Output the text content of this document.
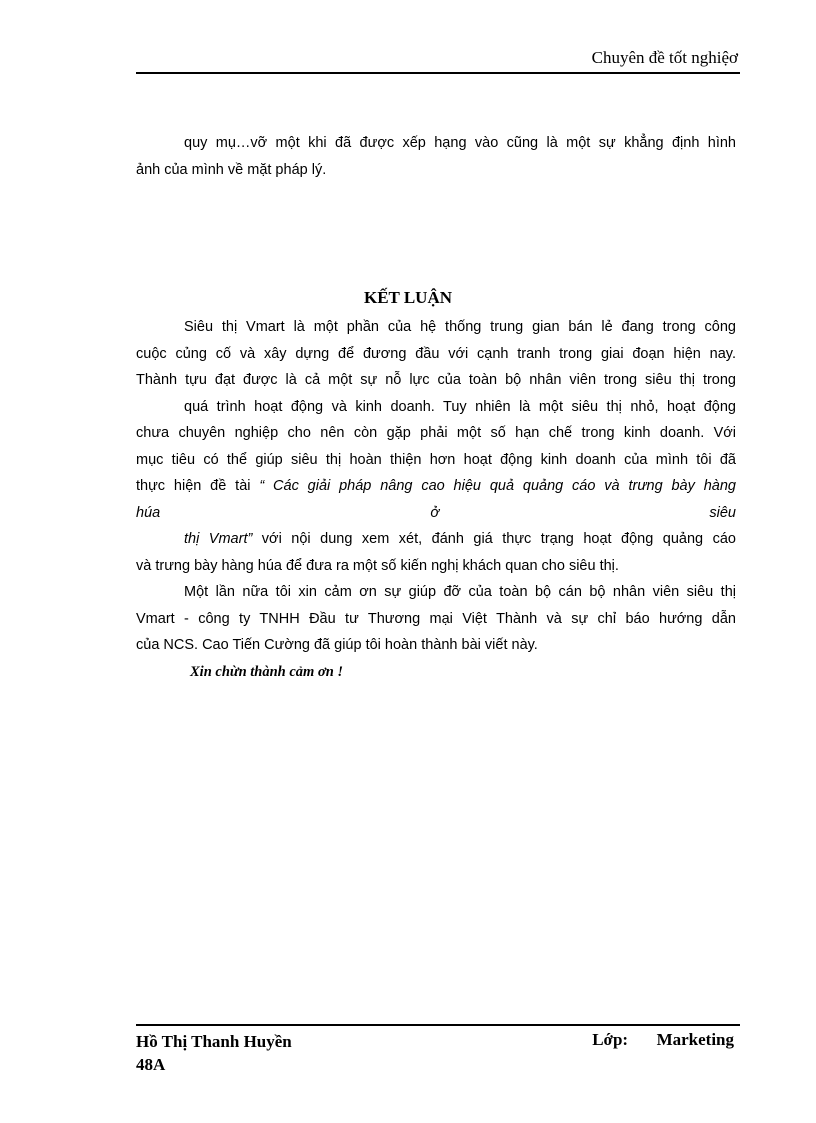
Chuyên đề tốt nghiệơ
quy mụ…vỡ một khi đã được xếp hạng vào cũng là một sự khẳng định hình
ảnh của mình về mặt pháp lý.
KẾT LUẬN
Siêu thị Vmart là một phần của hệ thống trung gian bán lẻ đang trong công
cuộc củng cố và xây dựng để đương đầu với cạnh tranh trong giai đoạn hiện nay.
Thành tựu đạt được là cả một sự nỗ lực của toàn bộ nhân viên trong siêu thị trong
quá trình hoạt động và kinh doanh. Tuy nhiên là một siêu thị nhỏ, hoạt động
chưa chuyên nghiệp cho nên còn gặp phải một số hạn chế trong kinh doanh. Với
mục tiêu có thể giúp siêu thị hoàn thiện hơn hoạt động kinh doanh của mình tôi đã
thực hiện đề tài “ Các giải pháp nâng cao hiệu quả quảng cáo và trưng bày hàng
húa	ở	siêu
thị Vmart” với nội dung xem xét, đánh giá thực trạng hoạt động quảng cáo
và trưng bày hàng húa để đưa ra một số kiến nghị khách quan cho siêu thị.
Một lần nữa tôi xin cảm ơn sự giúp đỡ của toàn bộ cán bộ nhân viên siêu thị
Vmart - công ty TNHH Đầu tư Thương mại Việt Thành và sự chỉ báo hướng dẫn
của NCS. Cao Tiến Cường đã giúp tôi hoàn thành bài viết này.
Xin chừn thành cảm ơn !
Hồ Thị Thanh Huyền
48A
Lớp: Marketing
